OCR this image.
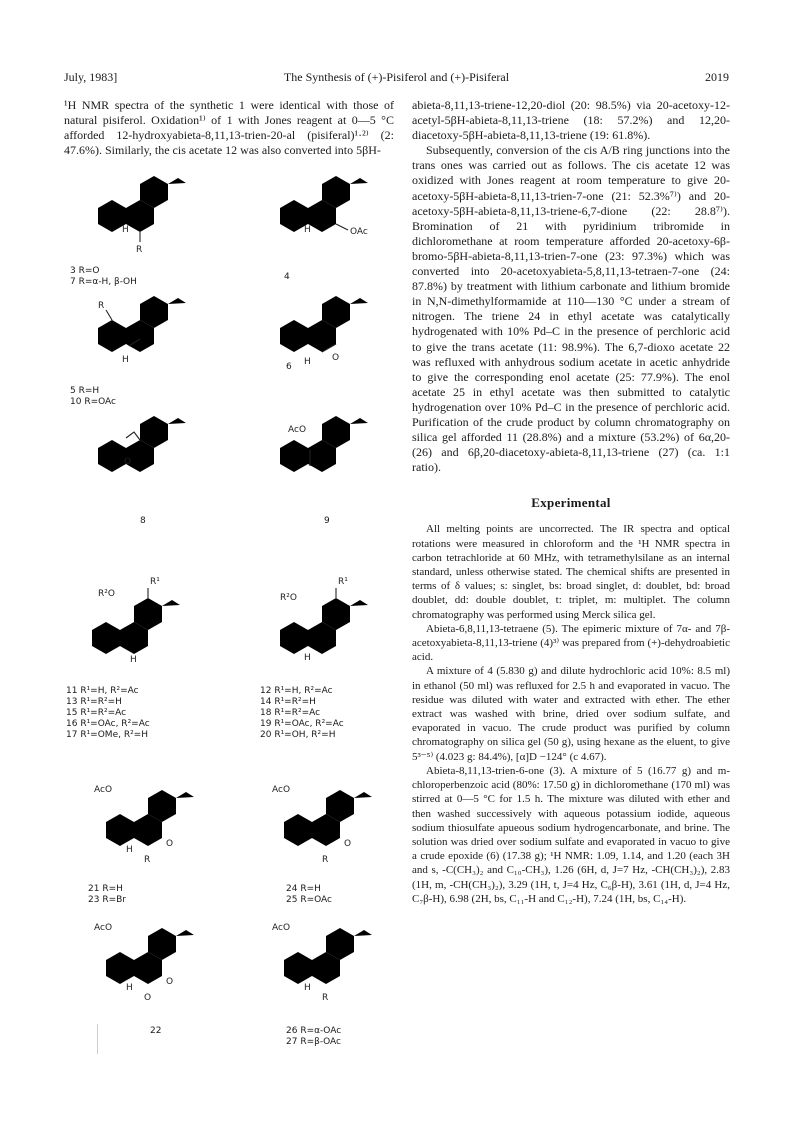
July, 1983]	The Synthesis of (+)-Pisiferol and (+)-Pisiferal	2019

¹H NMR spectra of the synthetic 1 were identical with those of natural pisiferol. Oxidation¹⁾ of 1 with Jones reagent at 0—5 °C afforded 12-hydroxyabieta-8,11,13-trien-20-al (pisiferal)¹·²⁾ (2: 47.6%). Similarly, the cis acetate 12 was also converted into 5βH-

R
H
3 R=O
7 R=α-H, β-OH
OAc
H
4
R
H
5 R=H
10 R=OAc
O
H
6
O
8
AcO
9
R²O
R¹
H
11 R¹=H, R²=Ac
13 R¹=R²=H
15 R¹=R²=Ac
16 R¹=OAc, R²=Ac
17 R¹=OMe, R²=H
R²O
R¹
H
12 R¹=H, R²=Ac
14 R¹=R²=H
18 R¹=R²=Ac
19 R¹=OAc, R²=Ac
20 R¹=OH, R²=H
AcO
O
H
R
21 R=H
23 R=Br
AcO
O
R
24 R=H
25 R=OAc
AcO
O
O
H
22
AcO
H
R
26 R=α-OAc
27 R=β-OAc

abieta-8,11,13-triene-12,20-diol (20: 98.5%) via 20-acetoxy-12-acetyl-5βH-abieta-8,11,13-triene (18: 57.2%) and 12,20-diacetoxy-5βH-abieta-8,11,13-triene (19: 61.8%).

Subsequently, conversion of the cis A/B ring junctions into the trans ones was carried out as follows. The cis acetate 12 was oxidized with Jones reagent at room temperature to give 20-acetoxy-5βH-abieta-8,11,13-trien-7-one (21: 52.3%⁷⁾) and 20-acetoxy-5βH-abieta-8,11,13-triene-6,7-dione (22: 28.8⁷⁾). Bromination of 21 with pyridinium tribromide in dichloromethane at room temperature afforded 20-acetoxy-6β-bromo-5βH-abieta-8,11,13-trien-7-one (23: 97.3%) which was converted into 20-acetoxyabieta-5,8,11,13-tetraen-7-one (24: 87.8%) by treatment with lithium carbonate and lithium bromide in N,N-dimethylformamide at 110—130 °C under a stream of nitrogen. The triene 24 in ethyl acetate was catalytically hydrogenated with 10% Pd–C in the presence of perchloric acid to give the trans acetate (11: 98.9%). The 6,7-dioxo acetate 22 was refluxed with anhydrous sodium acetate in acetic anhydride to give the corresponding enol acetate (25: 77.9%). The enol acetate 25 in ethyl acetate was then submitted to catalytic hydrogenation over 10% Pd–C in the presence of perchloric acid. Purification of the crude product by column chromatography on silica gel afforded 11 (28.8%) and a mixture (53.2%) of 6α,20- (26) and 6β,20-diacetoxy-abieta-8,11,13-triene (27) (ca. 1:1 ratio).

Experimental

All melting points are uncorrected. The IR spectra and optical rotations were measured in chloroform and the ¹H NMR spectra in carbon tetrachloride at 60 MHz, with tetramethylsilane as an internal standard, unless otherwise stated. The chemical shifts are presented in terms of δ values; s: singlet, bs: broad singlet, d: doublet, bd: broad doublet, dd: double doublet, t: triplet, m: multiplet. The column chromatography was performed using Merck silica gel.

Abieta-6,8,11,13-tetraene (5). The epimeric mixture of 7α- and 7β-acetoxyabieta-8,11,13-triene (4)³⁾ was prepared from (+)-dehydroabietic acid.

A mixture of 4 (5.830 g) and dilute hydrochloric acid 10%: 8.5 ml) in ethanol (50 ml) was refluxed for 2.5 h and evaporated in vacuo. The residue was diluted with water and extracted with ether. The ether extract was washed with brine, dried over sodium sulfate, and evaporated in vacuo. The crude product was purified by column chromatography on silica gel (50 g), using hexane as the eluent, to give 5³⁻⁵⁾ (4.023 g: 84.4%), [α]D −124° (c 4.67).

Abieta-8,11,13-trien-6-one (3). A mixture of 5 (16.77 g) and m-chloroperbenzoic acid (80%: 17.50 g) in dichloromethane (170 ml) was stirred at 0—5 °C for 1.5 h. The mixture was diluted with ether and then washed successively with aqueous potassium iodide, aqueous sodium thiosulfate apueous sodium hydrogencarbonate, and brine. The solution was dried over sodium sulfate and evaporated in vacuo to give a crude epoxide (6) (17.38 g); ¹H NMR: 1.09, 1.14, and 1.20 (each 3H and s, -C(CH₃)₂ and C₁₀-CH₃), 1.26 (6H, d, J=7 Hz, -CH(CH₃)₂), 2.83 (1H, m, -CH(CH₃)₂), 3.29 (1H, t, J=4 Hz, C₆β-H), 3.61 (1H, d, J=4 Hz, C₇β-H), 6.98 (2H, bs, C₁₁-H and C₁₂-H), 7.24 (1H, bs, C₁₄-H).
